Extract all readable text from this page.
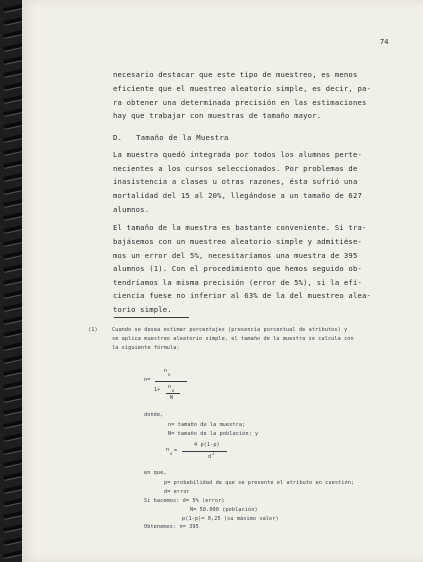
74
necesario destacar que este tipo de muestreo, es menos
eficiente que el muestreo aleatorio simple, es decir, pa-
ra obtener una determinada precisión en las estimaciones
hay que trabajar con muestras de tamaño mayor.
D.   Tamaño de la Muestra
La muestra quedó integrada por todos los alumnos perte-
necientes a los cursos seleccionados. Por problemas de
inasistencia a clases u otras razones, ésta sufrió una
mortalidad del 15 al 20%, llegándose a un tamaño de 627
alumnos.
El tamaño de la muestra es bastante conveniente. Si tra-
bajásemos con un muestreo aleatorio simple y admitiése-
mos un error del 5%, necesitaríamos una muestra de 395
alumnos (1). Con el procedimiento que hemos seguido ob-
tendríamos la misma precisión (error de 5%), si la efi-
ciencia fuese no inferior al 63% de la del muestreo alea-
torio simple.
(1)	Cuando se desea estimar porcentajes (presencia porcentual de atributos) y
se aplica muestreo aleatorio simple, el tamaño de la muestra se calcula con
la siguiente fórmula:
n=
n
o
1+ n
o
N
donde,
n= tamaño de la muestra;
N= tamaño de la población; y
n
o =
4 p(1-p)
d
2
en que,
p= probabilidad de que se presente el atributo en cuestión;
d= error
Si hacemos: d= 5% (error)
N= 50.000 (población)
p(1-p)= 0,25 (su máximo valor)
Obtenemos: n= 395
